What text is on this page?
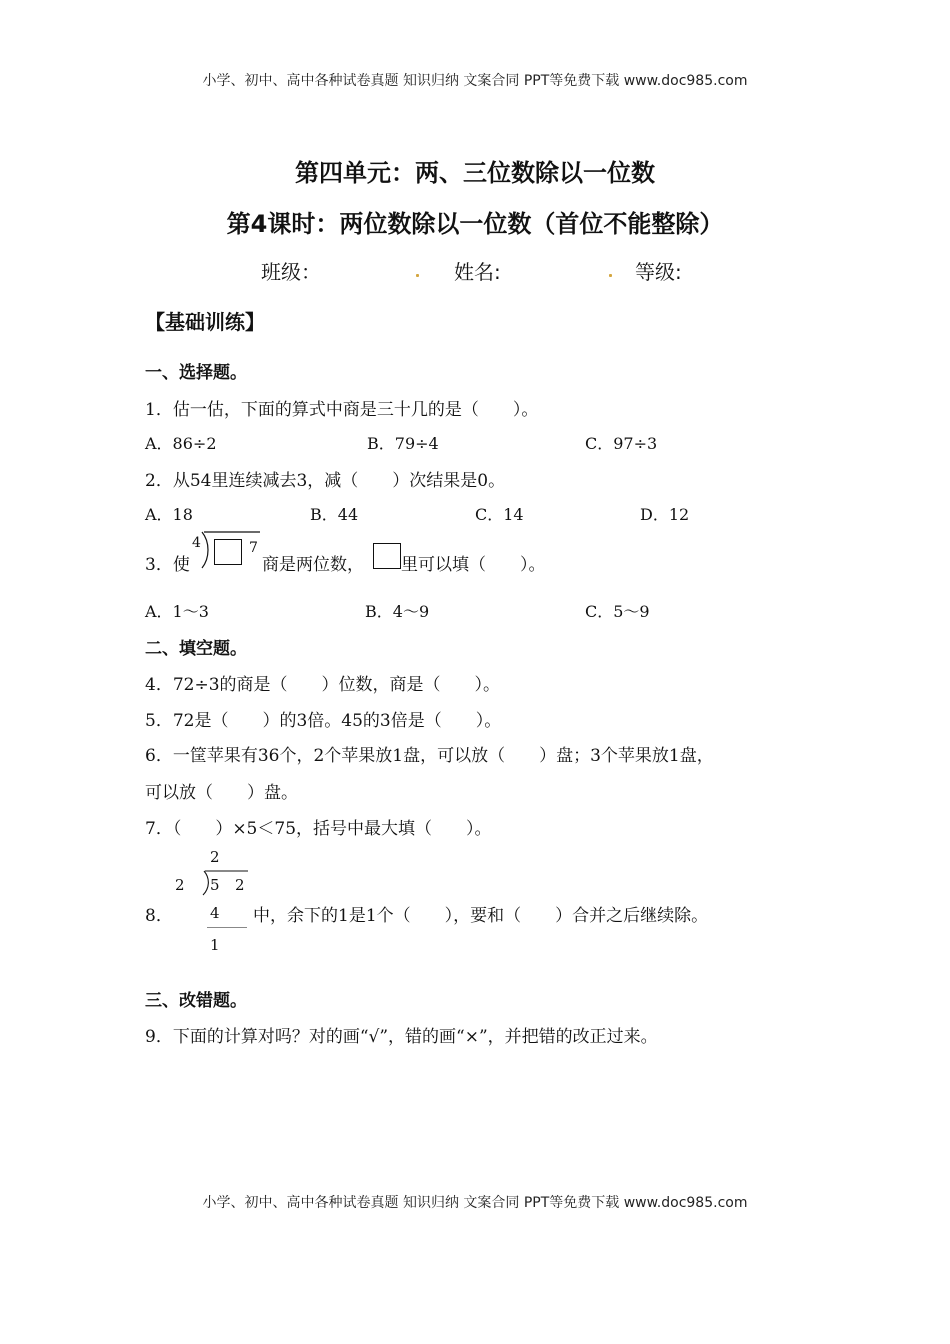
小学、初中、高中各种试卷真题 知识归纳 文案合同 PPT等免费下载 www.doc985.com
第四单元：两、三位数除以一位数
第4课时：两位数除以一位数（首位不能整除）
班级：	姓名:	等级:
【基础训练】
一、选择题。
1．估一估，下面的算式中商是三十几的是（　　）。
A．86÷2	B．79÷4	C．97÷3
2．从54里连续减去3，减（　　）次结果是0。
A．18	B．44	C．14	D．12
3．使
4	7
商是两位数， 里可以填（　　）。
A．1～3	B．4～9	C．5～9
二、填空题。
4．72÷3的商是（　　）位数，商是（　　）。
5．72是（　　）的3倍。45的3倍是（　　）。
6．一筐苹果有36个，2个苹果放1盘，可以放（　　）盘；3个苹果放1盘，
可以放（　　）盘。
7．（　　）×5＜75，括号中最大填（　　）。
8．
2
2 5 2
4
1
中，余下的1是1个（　　），要和（　　）合并之后继续除。
三、改错题。
9．下面的计算对吗？对的画“√”，错的画“×”，并把错的改正过来。
小学、初中、高中各种试卷真题 知识归纳 文案合同 PPT等免费下载 www.doc985.com
